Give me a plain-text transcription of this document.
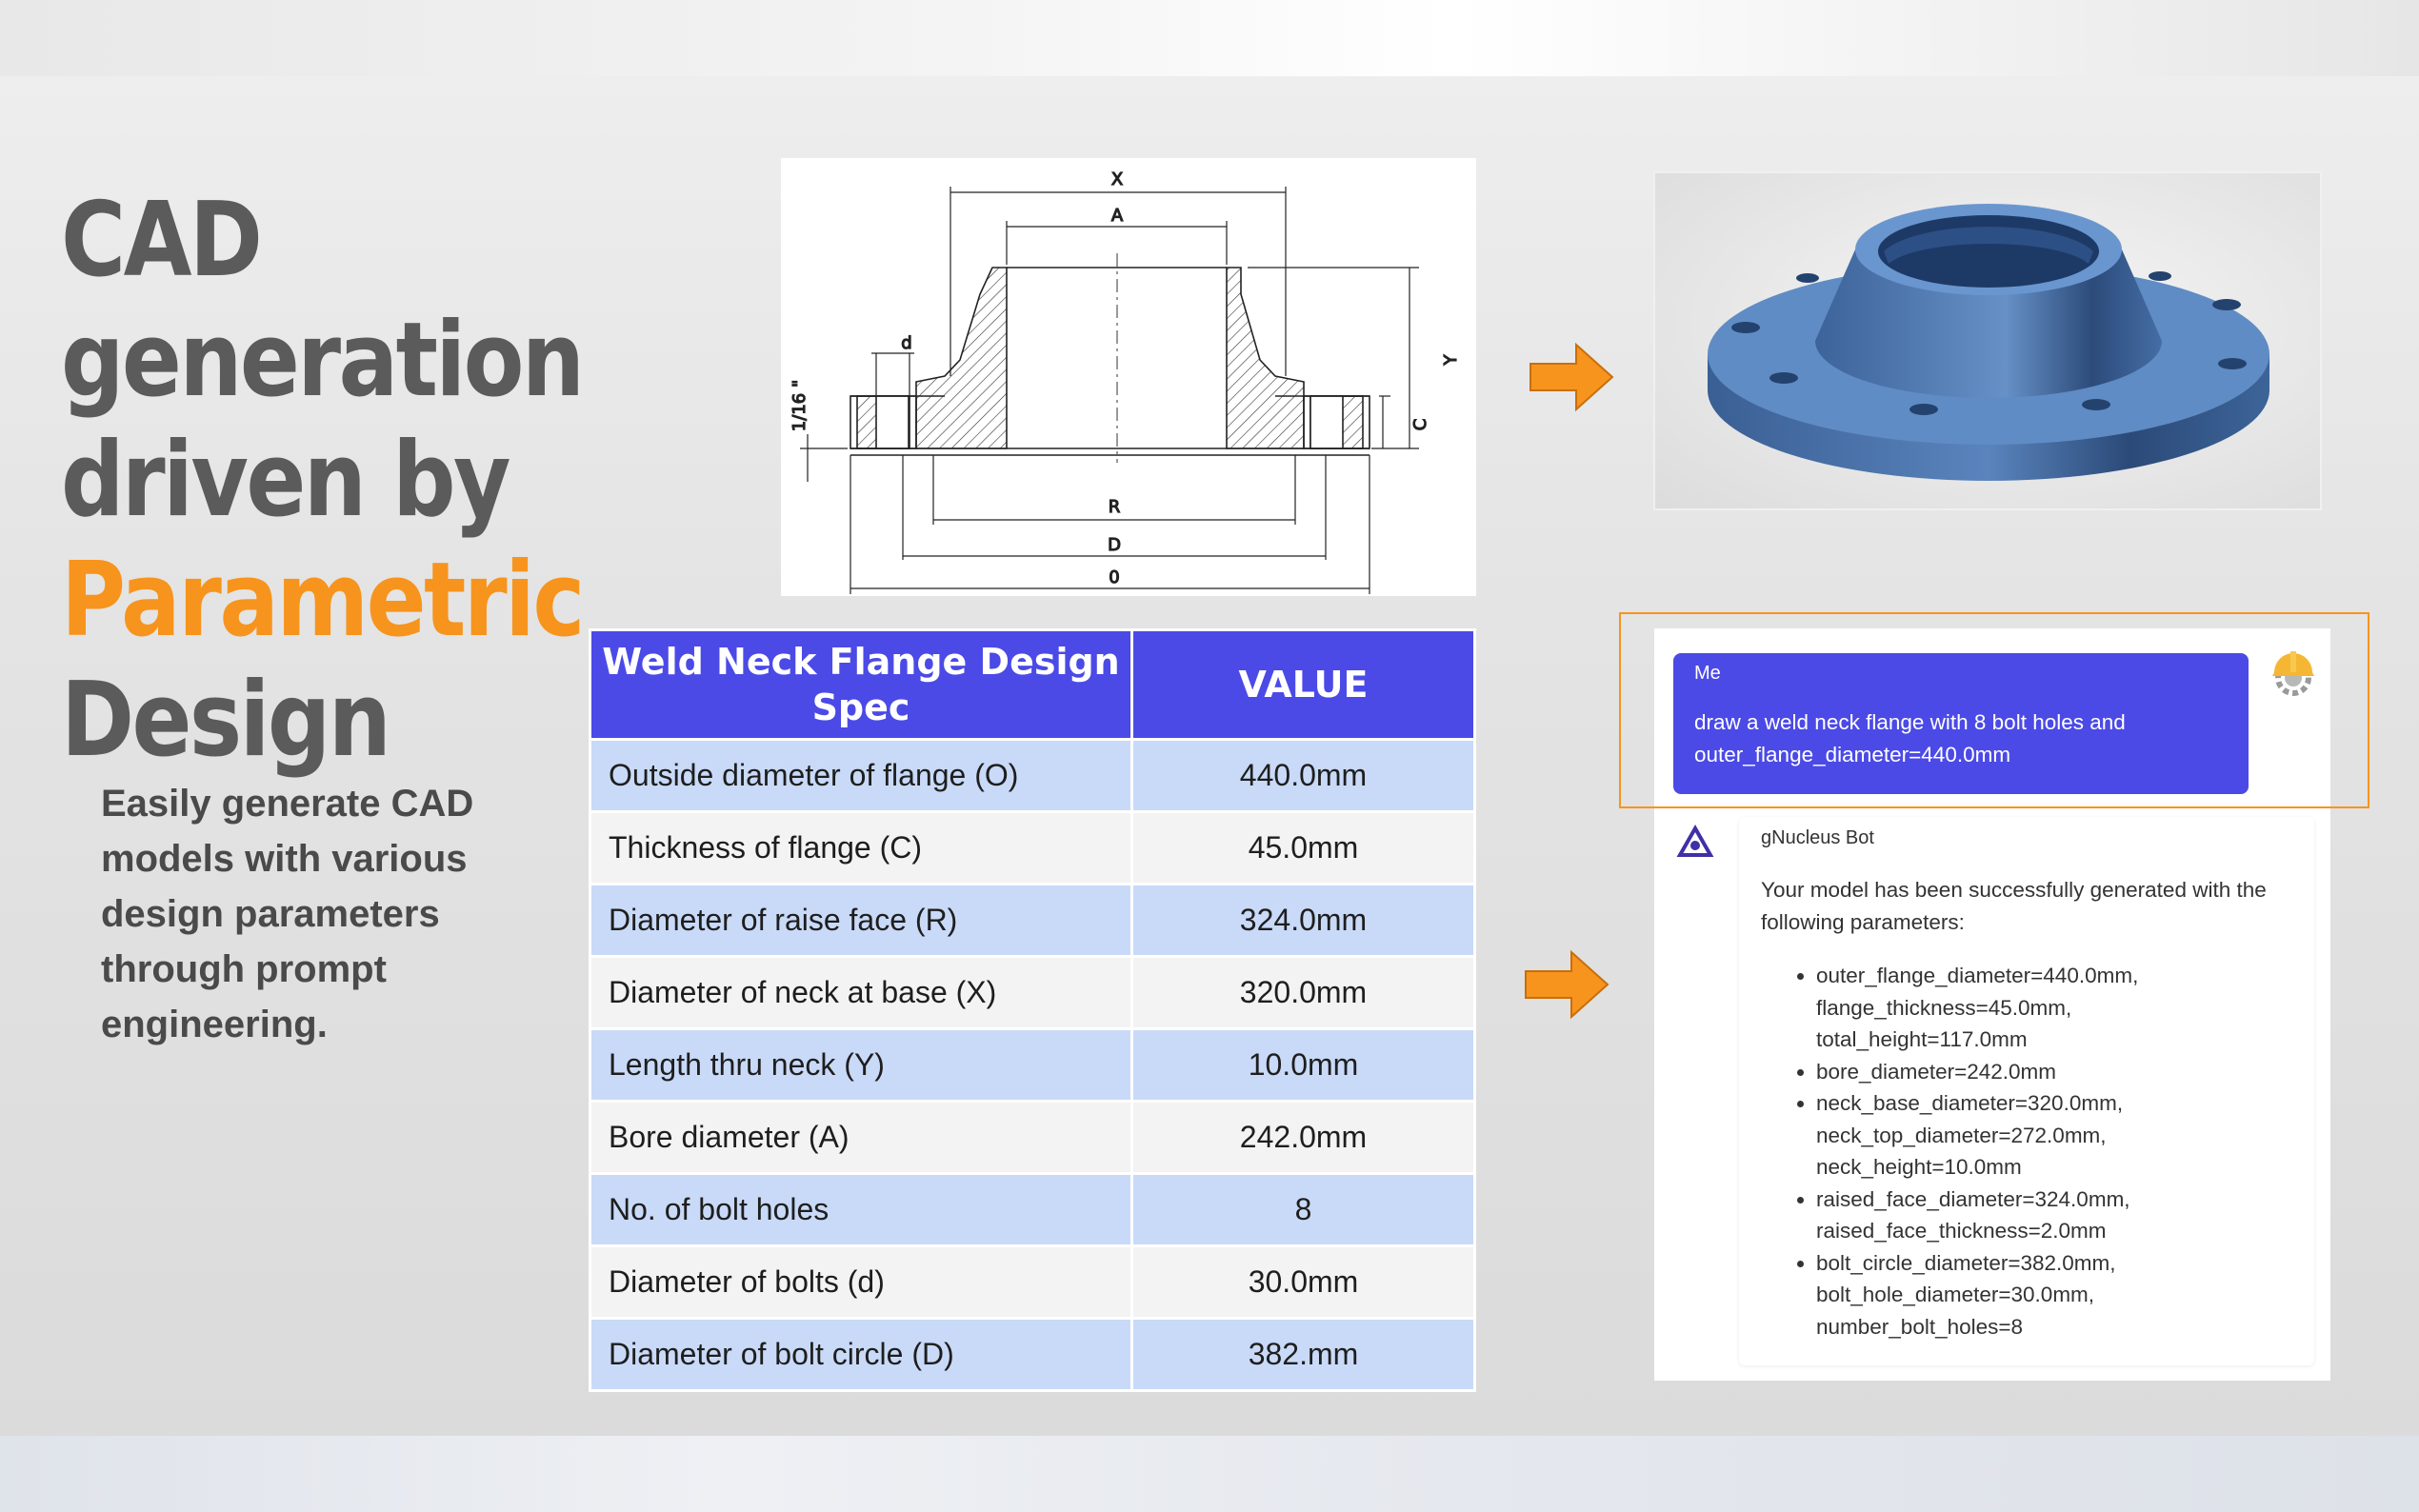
CAD generation
driven by
Parametric
Design
Easily generate CAD models with various design parameters through prompt engineering.
X
A
Y
C
d
1/16 "
R
D
0
Weld Neck Flange Design Spec	VALUE
Outside diameter of flange (O)	440.0mm
Thickness of flange (C)	45.0mm
Diameter of raise face (R)	324.0mm
Diameter of neck at base (X)	320.0mm
Length thru neck (Y)	10.0mm
Bore diameter (A)	242.0mm
No. of bolt holes	8
Diameter of bolts (d)	30.0mm
Diameter of bolt circle (D)	382.mm
Me
draw a weld neck flange with 8 bolt holes and outer_flange_diameter=440.0mm
gNucleus Bot
Your model has been successfully generated with the following parameters:
• outer_flange_diameter=440.0mm,
flange_thickness=45.0mm,
total_height=117.0mm
• bore_diameter=242.0mm
• neck_base_diameter=320.0mm,
neck_top_diameter=272.0mm,
neck_height=10.0mm
• raised_face_diameter=324.0mm,
raised_face_thickness=2.0mm
• bolt_circle_diameter=382.0mm,
bolt_hole_diameter=30.0mm,
number_bolt_holes=8
